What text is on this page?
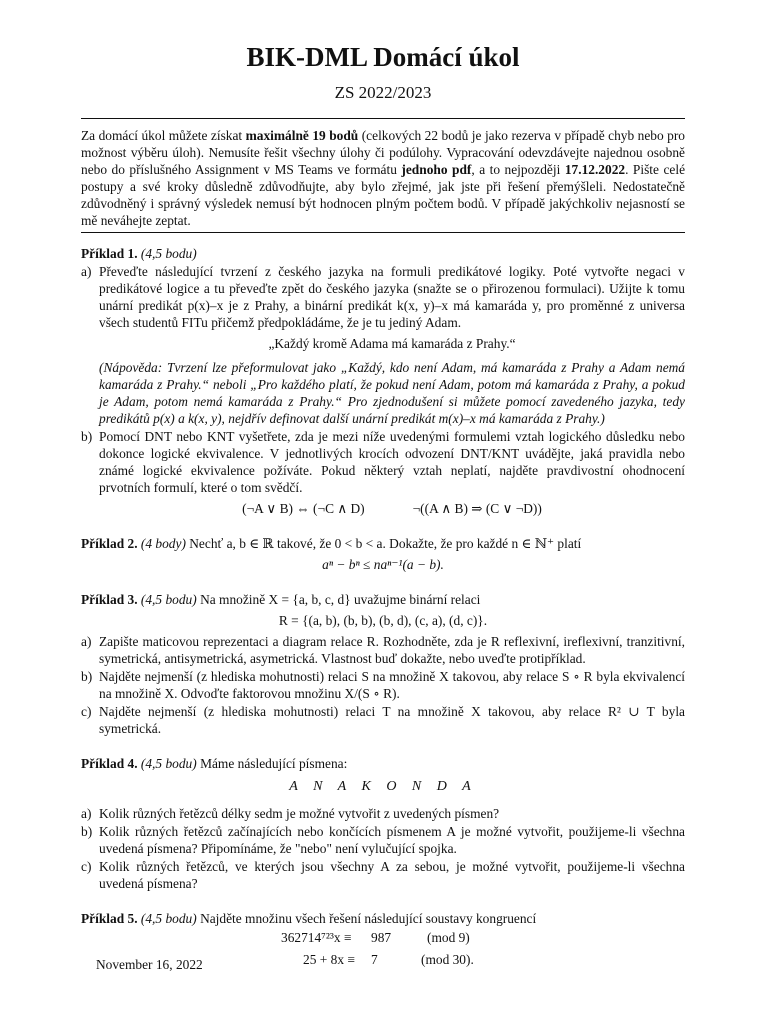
BIK-DML Domácí úkol
ZS 2022/2023

Za domácí úkol můžete získat maximálně 19 bodů (celkových 22 bodů je jako rezerva v případě chyb nebo pro možnost výběru úloh). Nemusíte řešit všechny úlohy či podúlohy. Vypracování odevzdávejte najednou osobně nebo do příslušného Assignment v MS Teams ve formátu jednoho pdf, a to nejpozději 17.12.2022. Pište celé postupy a své kroky důsledně zdůvodňujte, aby bylo zřejmé, jak jste při řešení přemýšleli. Nedostatečně zdůvodněný i správný výsledek nemusí být hodnocen plným počtem bodů. V případě jakýchkoliv nejasností se mě neváhejte zeptat.

Příklad 1. (4,5 bodu)
a) Převeďte následující tvrzení z českého jazyka na formuli predikátové logiky. Poté vytvořte negaci v predikátové logice a tu převeďte zpět do českého jazyka (snažte se o přirozenou formulaci). Užijte k tomu unární predikát p(x)–x je z Prahy, a binární predikát k(x, y)–x má kamaráda y, pro proměnné z universa všech studentů FITu přičemž předpokládáme, že je tu jediný Adam.
„Každý kromě Adama má kamaráda z Prahy.“
(Nápověda: Tvrzení lze přeformulovat jako „Každý, kdo není Adam, má kamaráda z Prahy a Adam nemá kamaráda z Prahy.“ neboli „Pro každého platí, že pokud není Adam, potom má kamaráda z Prahy, a pokud je Adam, potom nemá kamaráda z Prahy.“ Pro zjednodušení si můžete pomocí zavedeného jazyka, tedy predikátů p(x) a k(x, y), nejdřív definovat další unární predikát m(x)–x má kamaráda z Prahy.)
b) Pomocí DNT nebo KNT vyšetřete, zda je mezi níže uvedenými formulemi vztah logického důsledku nebo dokonce logické ekvivalence. V jednotlivých krocích odvození DNT/KNT uvádějte, jaká pravidla nebo známé logické ekvivalence požíváte. Pokud některý vztah neplatí, najděte pravdivostní ohodnocení prvotních formulí, které o tom svědčí.
(¬A ∨ B) ⇔ (¬C ∧ D)	¬((A ∧ B) ⇒ (C ∨ ¬D))
Příklad 2. (4 body) Nechť a, b ∈ ℝ takové, že 0 < b < a. Dokažte, že pro každé n ∈ ℕ⁺ platí
aⁿ − bⁿ ≤ naⁿ⁻¹(a − b).
Příklad 3. (4,5 bodu) Na množině X = {a, b, c, d} uvažujme binární relaci
R = {(a, b), (b, b), (b, d), (c, a), (d, c)}.
a) Zapište maticovou reprezentaci a diagram relace R. Rozhodněte, zda je R reflexivní, ireflexivní, tranzitivní, symetrická, antisymetrická, asymetrická. Vlastnost buď dokažte, nebo uveďte protipříklad.
b) Najděte nejmenší (z hlediska mohutnosti) relaci S na množině X takovou, aby relace S ∘ R byla ekvivalencí na množině X. Odvoďte faktorovou množinu X/(S ∘ R).
c) Najděte nejmenší (z hlediska mohutnosti) relaci T na množině X takovou, aby relace R² ∪ T byla symetrická.
Příklad 4. (4,5 bodu) Máme následující písmena:
A N A K O N D A
a) Kolik různých řetězců délky sedm je možné vytvořit z uvedených písmen?
b) Kolik různých řetězců začínajících nebo končících písmenem A je možné vytvořit, použijeme-li všechna uvedená písmena? Připomínáme, že "nebo" není vylučující spojka.
c) Kolik různých řetězců, ve kterých jsou všechny A za sebou, je možné vytvořit, použijeme-li všechna uvedená písmena?
Příklad 5. (4,5 bodu) Najděte množinu všech řešení následující soustavy kongruencí
362714⁷²³x ≡ 987	(mod 9)
25 + 8x ≡ 7	(mod 30).
November 16, 2022
